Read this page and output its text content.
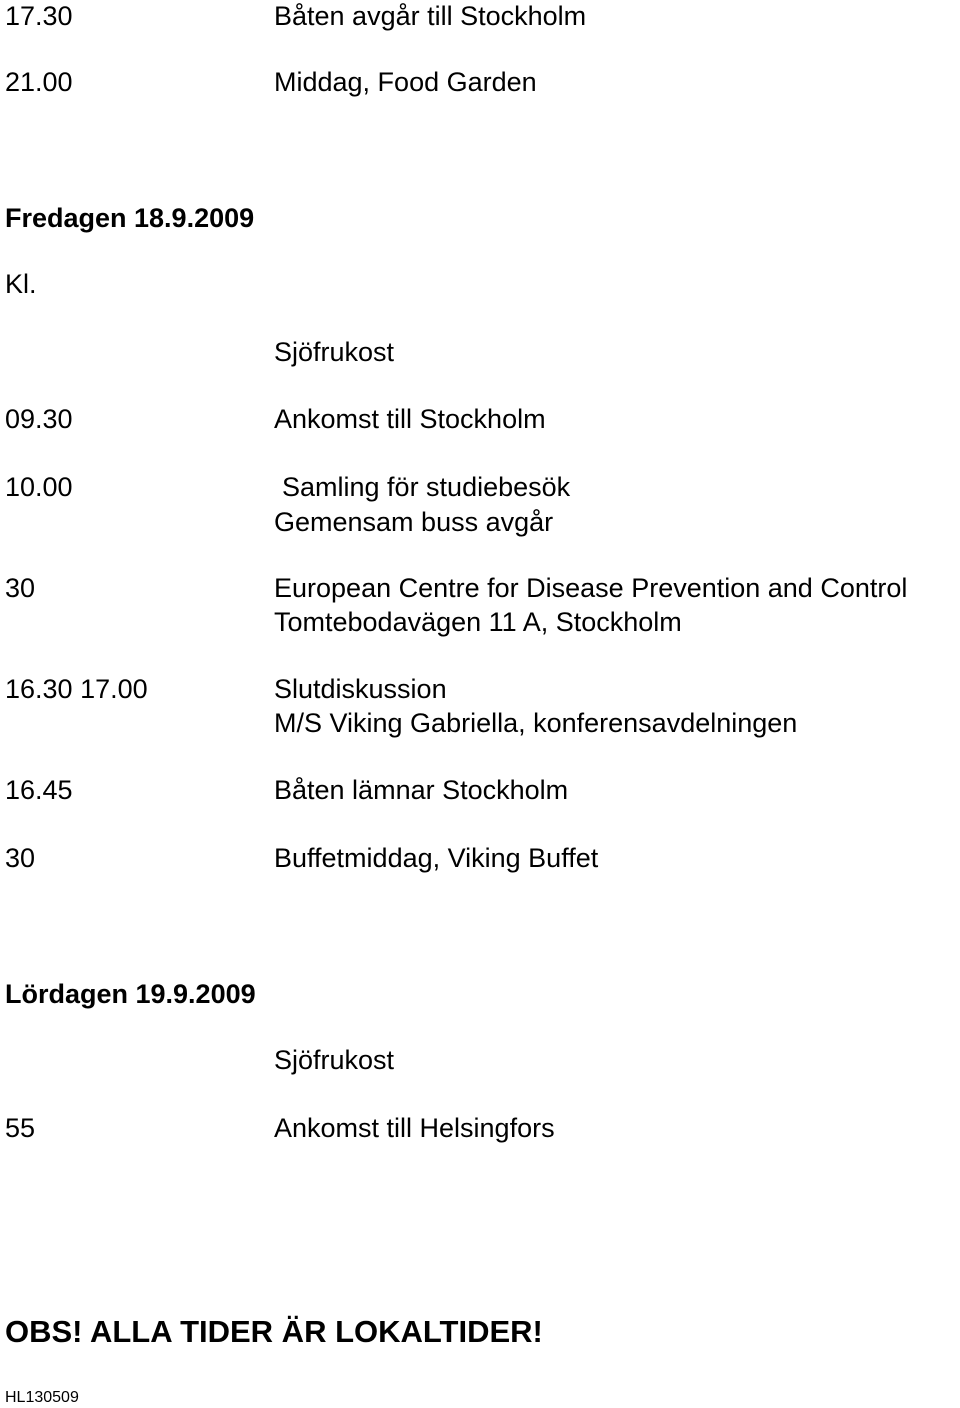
17.30	Båten avgår till Stockholm
21.00	Middag, Food Garden
Fredagen 18.9.2009
Kl.
Sjöfrukost
09.30	Ankomst till Stockholm
10.00	Samling för studiebesök
Gemensam buss avgår
30	European Centre for Disease Prevention and Control
Tomtebodavägen 11 A, Stockholm
16.30 17.00	Slutdiskussion
M/S Viking Gabriella, konferensavdelningen
16.45	Båten lämnar Stockholm
30	Buffetmiddag, Viking Buffet
Lördagen 19.9.2009
Sjöfrukost
55	Ankomst till Helsingfors
OBS! ALLA TIDER ÄR LOKALTIDER!
HL130509
